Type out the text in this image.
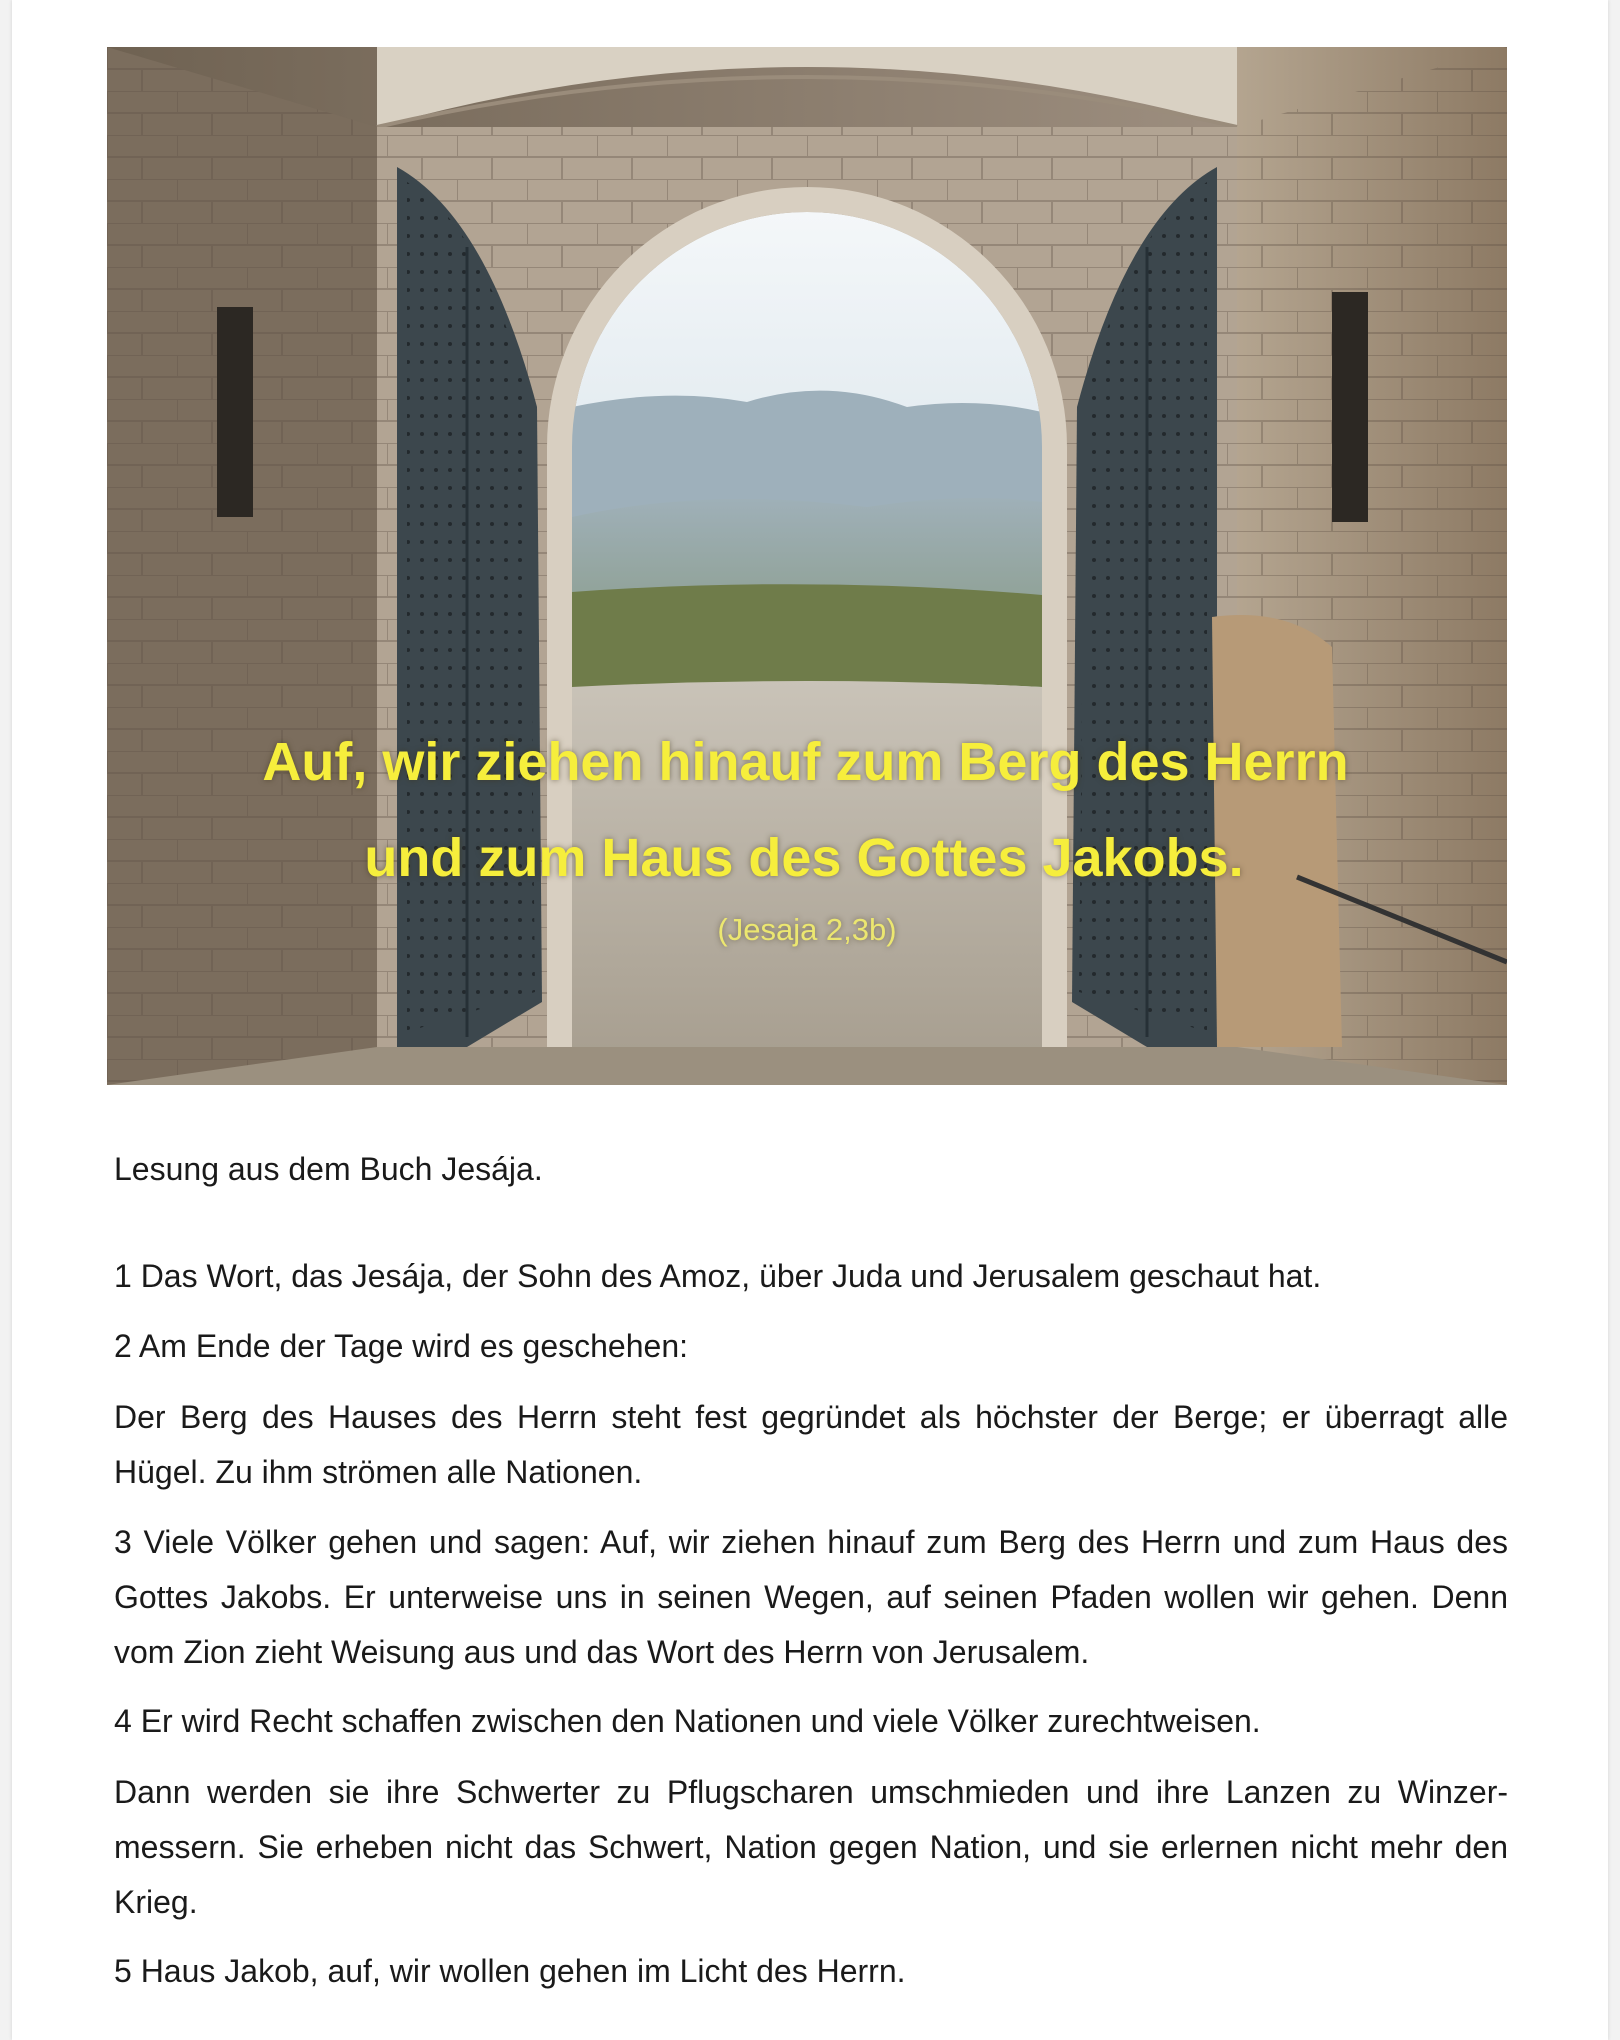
Auf, wir ziehen hinauf zum Berg des Herrn
und zum Haus des Gottes Jakobs.
(Jesaja 2,3b)
Lesung aus dem Buch Jesája.
1 Das Wort, das Jesája, der Sohn des Amoz, über Juda und Jerusalem geschaut hat.
2 Am Ende der Tage wird es geschehen:
Der Berg des Hauses des Herrn steht fest gegründet als höchster der Berge; er überragt alle Hügel. Zu ihm strömen alle Nationen.
3 Viele Völker gehen und sagen: Auf, wir ziehen hinauf zum Berg des Herrn und zum Haus des Gottes Jakobs. Er unterweise uns in seinen Wegen, auf seinen Pfaden wollen wir gehen. Denn vom Zion zieht Weisung aus und das Wort des Herrn von Jerusalem.
4 Er wird Recht schaffen zwischen den Nationen und viele Völker zurechtweisen.
Dann werden sie ihre Schwerter zu Pflugscharen umschmieden und ihre Lanzen zu Winzermessern. Sie erheben nicht das Schwert, Nation gegen Nation, und sie erlernen nicht mehr den Krieg.
5 Haus Jakob, auf, wir wollen gehen im Licht des Herrn.
